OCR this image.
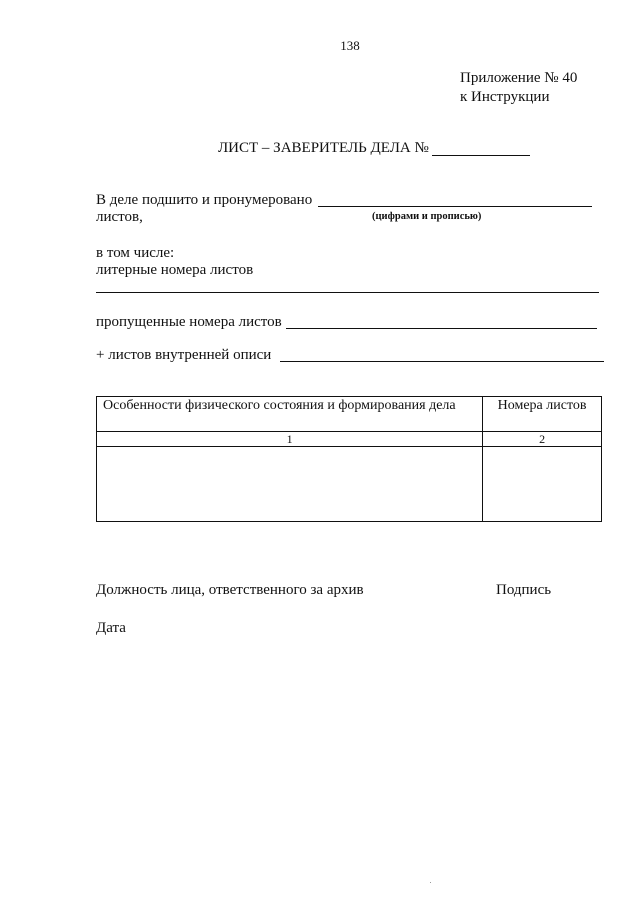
138
Приложение № 40
к Инструкции
ЛИСТ – ЗАВЕРИТЕЛЬ ДЕЛА №
В деле подшито и пронумеровано
листов,	(цифрами и прописью)
в том числе:
литерные номера листов
пропущенные номера листов
+ листов внутренней описи
Особенности физического состояния и формирования дела	Номера листов
1	2

Должность лица, ответственного за архив	Подпись
Дата
